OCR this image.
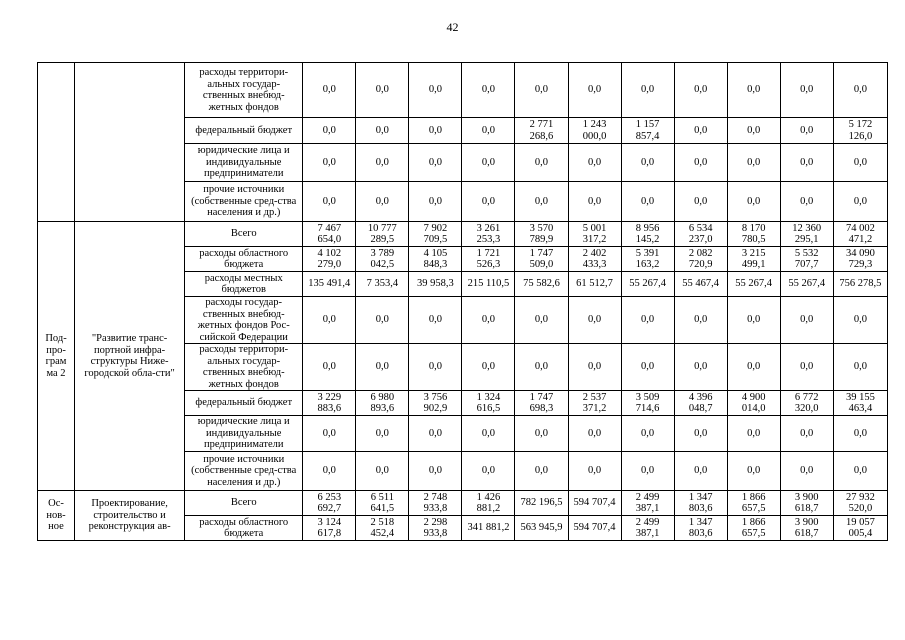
42
		расходы территори-альных государ-ственных внебюд-жетных фондов	0,0	0,0	0,0	0,0	0,0	0,0	0,0	0,0	0,0	0,0	0,0
		федеральный бюджет	0,0	0,0	0,0	0,0	2 771 268,6	1 243 000,0	1 157 857,4	0,0	0,0	0,0	5 172 126,0
		юридические лица и индивидуальные предприниматели	0,0	0,0	0,0	0,0	0,0	0,0	0,0	0,0	0,0	0,0	0,0
		прочие источники (собственные сред-ства населения и др.)	0,0	0,0	0,0	0,0	0,0	0,0	0,0	0,0	0,0	0,0	0,0
Под-про-грам ма 2	"Развитие транс-портной инфра-структуры Нижe-городской обла-сти"	Всего	7 467 654,0	10 777 289,5	7 902 709,5	3 261 253,3	3 570 789,9	5 001 317,2	8 956 145,2	6 534 237,0	8 170 780,5	12 360 295,1	74 002 471,2
		расходы областного бюджета	4 102 279,0	3 789 042,5	4 105 848,3	1 721 526,3	1 747 509,0	2 402 433,3	5 391 163,2	2 082 720,9	3 215 499,1	5 532 707,7	34 090 729,3
		расходы местных бюджетов	135 491,4	7 353,4	39 958,3	215 110,5	75 582,6	61 512,7	55 267,4	55 467,4	55 267,4	55 267,4	756 278,5
		расходы государ-ственных внебюд-жетных фондов Рос-сийской Федерации	0,0	0,0	0,0	0,0	0,0	0,0	0,0	0,0	0,0	0,0	0,0
		расходы территори-альных государ-ственных внебюд-жетных фондов	0,0	0,0	0,0	0,0	0,0	0,0	0,0	0,0	0,0	0,0	0,0
		федеральный бюджет	3 229 883,6	6 980 893,6	3 756 902,9	1 324 616,5	1 747 698,3	2 537 371,2	3 509 714,6	4 396 048,7	4 900 014,0	6 772 320,0	39 155 463,4
		юридические лица и индивидуальные предприниматели	0,0	0,0	0,0	0,0	0,0	0,0	0,0	0,0	0,0	0,0	0,0
		прочие источники (собственные сред-ства населения и др.)	0,0	0,0	0,0	0,0	0,0	0,0	0,0	0,0	0,0	0,0	0,0
Ос-нов-ное	Проектирование, строительство и реконструкция ав-	Всего	6 253 692,7	6 511 641,5	2 748 933,8	1 426 881,2	782 196,5	594 707,4	2 499 387,1	1 347 803,6	1 866 657,5	3 900 618,7	27 932 520,0
		расходы областного бюджета	3 124 617,8	2 518 452,4	2 298 933,8	341 881,2	563 945,9	594 707,4	2 499 387,1	1 347 803,6	1 866 657,5	3 900 618,7	19 057 005,4
